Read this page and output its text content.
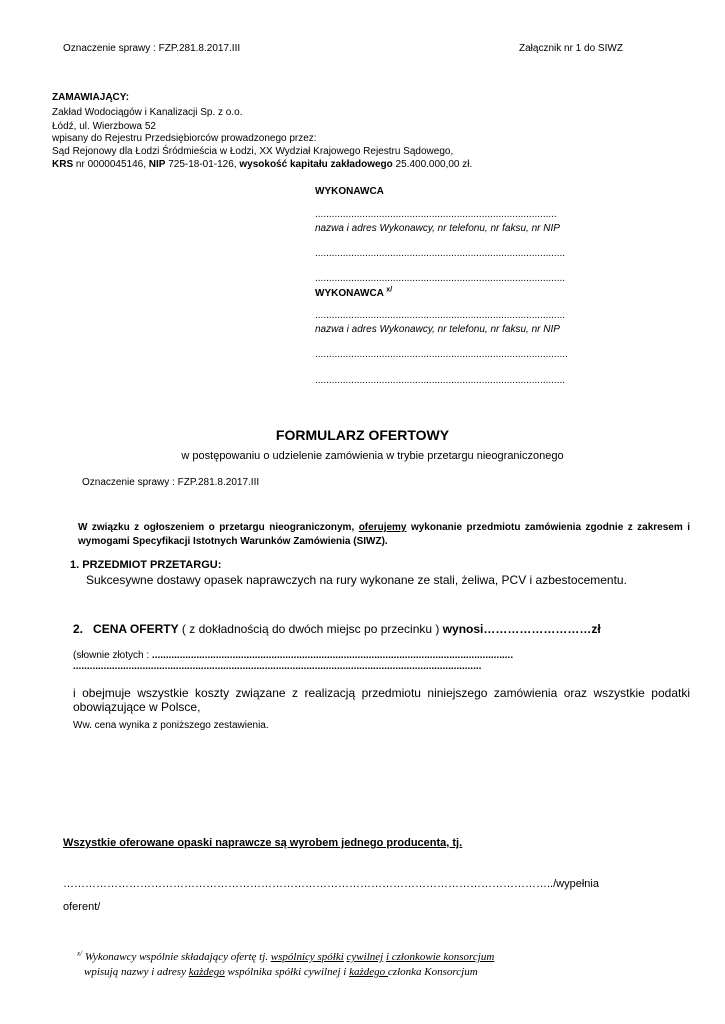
Oznaczenie sprawy : FZP.281.8.2017.III	Załącznik nr 1 do SIWZ
ZAMAWIAJĄCY:
Zakład Wodociągów i Kanalizacji Sp. z o.o.
Łódź, ul. Wierzbowa 52
wpisany do Rejestru Przedsiębiorców prowadzonego przez:
Sąd Rejonowy dla Łodzi Śródmieścia w Łodzi, XX Wydział Krajowego Rejestru Sądowego,
KRS nr 0000045146, NIP 725-18-01-126, wysokość kapitału zakładowego 25.400.000,00 zł.
WYKONAWCA
.......................................................................................
nazwa i adres Wykonawcy, nr telefonu, nr faksu, nr NIP
..........................................................................................
..........................................................................................
WYKONAWCA $^{x/}$
..........................................................................................
nazwa i adres Wykonawcy, nr telefonu, nr faksu, nr NIP
...........................................................................................
..........................................................................................
FORMULARZ OFERTOWY
w postępowaniu o udzielenie zamówienia w trybie przetargu nieograniczonego
Oznaczenie sprawy : FZP.281.8.2017.III
W związku z ogłoszeniem o przetargu nieograniczonym, oferujemy wykonanie przedmiotu zamówienia zgodnie z zakresem i wymogami Specyfikacji Istotnych Warunków Zamówienia (SIWZ).
1. PRZEDMIOT PRZETARGU:
Sukcesywne dostawy opasek naprawczych na rury wykonane ze stali, żeliwa, PCV i azbestocementu.
2. CENA OFERTY ( z dokładnością do dwóch miejsc po przecinku ) wynosi………………………zł
(słownie złotych : ..................................................................................................................................
...................................................................................................................................................
i obejmuje wszystkie koszty związane z realizacją przedmiotu niniejszego zamówienia oraz wszystkie podatki obowiązujące w Polsce,
Ww. cena wynika z poniższego zestawienia.
Wszystkie oferowane opaski naprawcze są wyrobem jednego producenta, tj.
……………………………………………………………………………………………………………………../wypełnia
oferent/
$^{x/}$ Wykonawcy wspólnie składający ofertę tj. wspólnicy spółki cywilnej i członkowie konsorcjum
wpisują nazwy i adresy każdego wspólnika spółki cywilnej i każdego członka Konsorcjum
